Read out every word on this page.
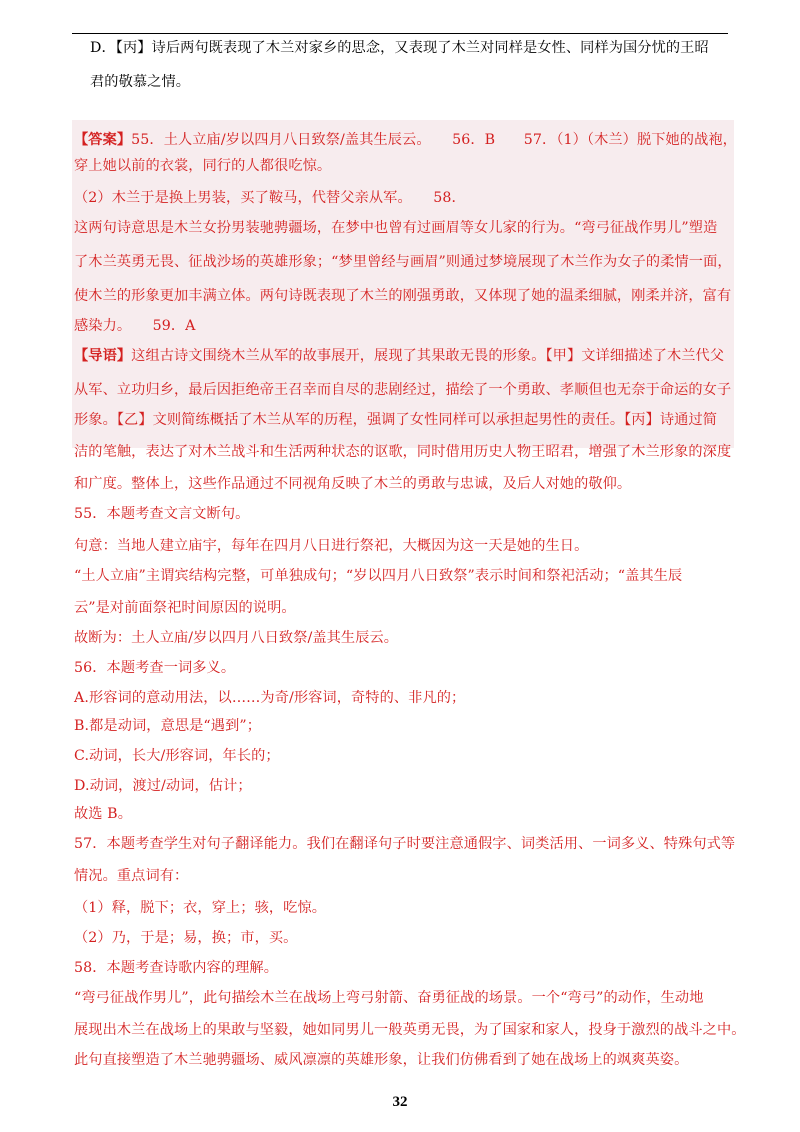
D．【丙】诗后两句既表现了木兰对家乡的思念，又表现了木兰对同样是女性、同样为国分忧的王昭
君的敬慕之情。
【答案】55．土人立庙/岁以四月八日致祭/盖其生辰云。　　56．B　　57．（1）（木兰）脱下她的战袍，
穿上她以前的衣裳，同行的人都很吃惊。
（2）木兰于是换上男装，买了鞍马，代替父亲从军。　　58．
这两句诗意思是木兰女扮男装驰骋疆场，在梦中也曾有过画眉等女儿家的行为。“弯弓征战作男儿”塑造
了木兰英勇无畏、征战沙场的英雄形象；“梦里曾经与画眉”则通过梦境展现了木兰作为女子的柔情一面，
使木兰的形象更加丰满立体。两句诗既表现了木兰的刚强勇敢，又体现了她的温柔细腻，刚柔并济，富有
感染力。　　59．A
【导语】这组古诗文围绕木兰从军的故事展开，展现了其果敢无畏的形象。【甲】文详细描述了木兰代父
从军、立功归乡，最后因拒绝帝王召幸而自尽的悲剧经过，描绘了一个勇敢、孝顺但也无奈于命运的女子
形象。【乙】文则简练概括了木兰从军的历程，强调了女性同样可以承担起男性的责任。【丙】诗通过简
洁的笔触，表达了对木兰战斗和生活两种状态的讴歌，同时借用历史人物王昭君，增强了木兰形象的深度
和广度。整体上，这些作品通过不同视角反映了木兰的勇敢与忠诚，及后人对她的敬仰。
55．本题考查文言文断句。
句意：当地人建立庙宇，每年在四月八日进行祭祀，大概因为这一天是她的生日。
“土人立庙”主谓宾结构完整，可单独成句；“岁以四月八日致祭”表示时间和祭祀活动；“盖其生辰
云”是对前面祭祀时间原因的说明。
故断为：土人立庙/岁以四月八日致祭/盖其生辰云。
56．本题考查一词多义。
A.形容词的意动用法，以……为奇/形容词，奇特的、非凡的；
B.都是动词，意思是“遇到”；
C.动词，长大/形容词，年长的；
D.动词，渡过/动词，估计；
故选 B。
57．本题考查学生对句子翻译能力。我们在翻译句子时要注意通假字、词类活用、一词多义、特殊句式等
情况。重点词有：
（1）释，脱下；衣，穿上；骇，吃惊。
（2）乃，于是；易，换；市，买。
58．本题考查诗歌内容的理解。
“弯弓征战作男儿”，此句描绘木兰在战场上弯弓射箭、奋勇征战的场景。一个“弯弓”的动作，生动地
展现出木兰在战场上的果敢与坚毅，她如同男儿一般英勇无畏，为了国家和家人，投身于激烈的战斗之中。
此句直接塑造了木兰驰骋疆场、威风凛凛的英雄形象，让我们仿佛看到了她在战场上的飒爽英姿。
32
